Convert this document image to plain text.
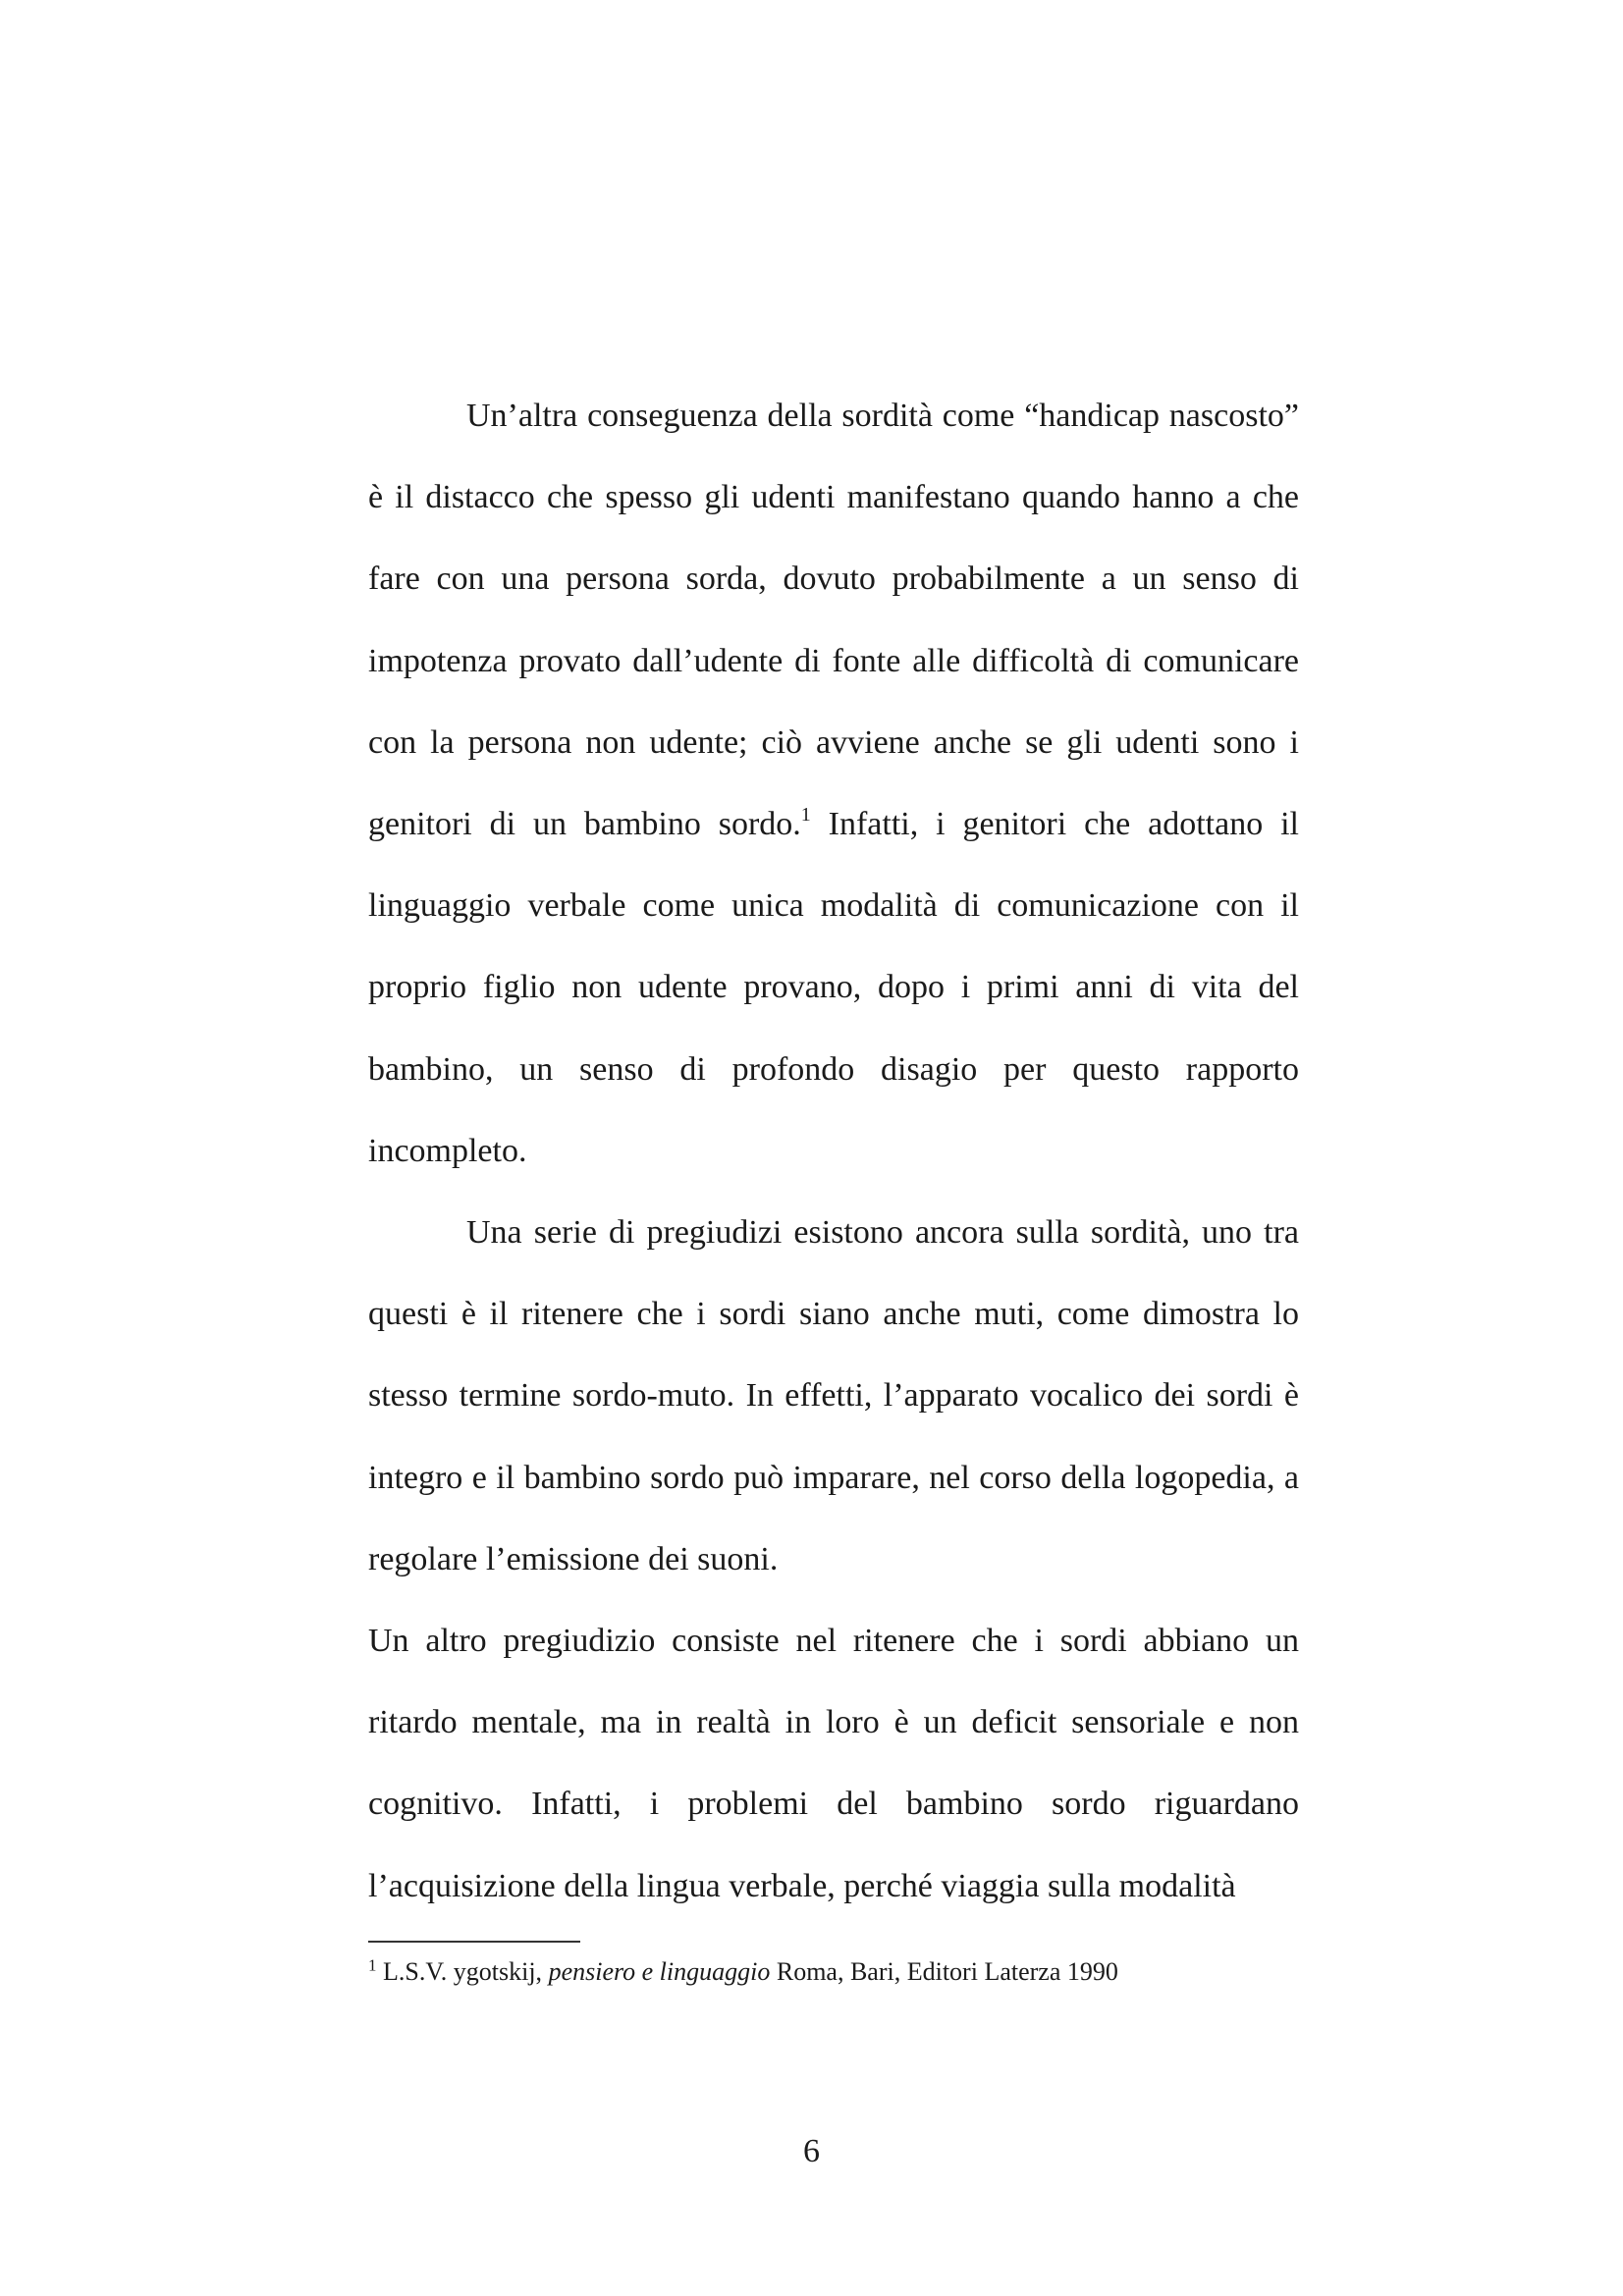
Un’altra conseguenza della sordità come “handicap nascosto” è il distacco che spesso gli udenti manifestano quando hanno a che fare con una persona sorda, dovuto probabilmente a un senso di impotenza provato dall’udente di fonte alle difficoltà di comunicare con la persona non udente; ciò avviene anche se gli udenti sono i genitori di un bambino sordo.$^1$ Infatti, i genitori che adottano il linguaggio verbale come unica modalità di comunicazione con il proprio figlio non udente provano, dopo i primi anni di vita del bambino, un senso di profondo disagio per questo rapporto incompleto.

Una serie di pregiudizi esistono ancora sulla sordità, uno tra questi è il ritenere che i sordi siano anche muti, come dimostra lo stesso termine sordo-muto. In effetti, l’apparato vocalico dei sordi è integro e il bambino sordo può imparare, nel corso della logopedia, a regolare l’emissione dei suoni.

Un altro pregiudizio consiste nel ritenere che i sordi abbiano un ritardo mentale, ma in realtà in loro è un deficit sensoriale e non cognitivo. Infatti, i problemi del bambino sordo riguardano l’acquisizione della lingua verbale, perché viaggia sulla modalità

$^1$ L.S.V. ygotskij, pensiero e linguaggio Roma, Bari, Editori Laterza 1990
6
